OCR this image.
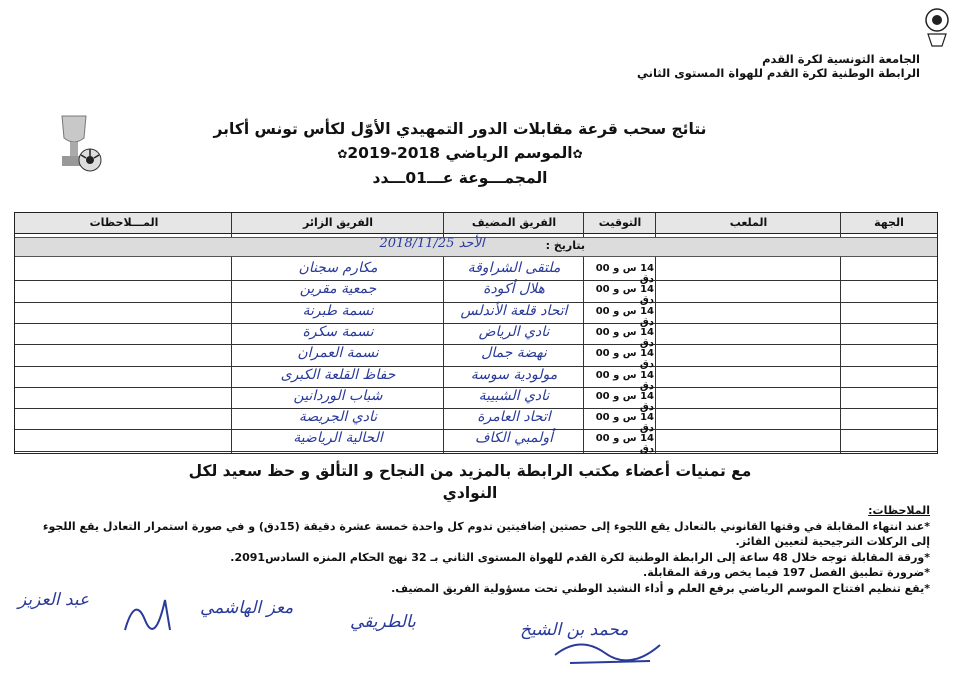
الجامعة التونسية لكرة القدم
الرابطة الوطنية لكرة القدم للهواة المستوى الثاني
نتائج سحب قرعة مقابلات الدور التمهيدي الأوّل لكأس تونس أكابر
✿الموسم الرياضي 2018-2019✿
المجمـــوعة عـــ01ـــدد
الجهة
الملعب
التوقيت
الفريق المضيف
الفريق الزائر
المـــلاحظات
بتاريخ :
الأحد 2018/11/25
14 س و 00 دق
ملتقى الشراوقة
مكارم سجنان
14 س و 00 دق
هلال أكودة
جمعية مقرين
14 س و 00 دق
اتحاد قلعة الأندلس
نسمة طبرنة
14 س و 00 دق
نادي الرياض
نسمة سكرة
14 س و 00 دق
نهضة جمال
نسمة العمران
14 س و 00 دق
مولودية سوسة
حفاظ القلعة الكبرى
14 س و 00 دق
نادي الشبيبة
شباب الوردانين
14 س و 00 دق
اتحاد العامرة
نادي الجريصة
14 س و 00 دق
أولمبي الكاف
الحالية الرياضية
مع تمنيات أعضاء مكتب الرابطة بالمزيد من النجاح و التألق و حظ سعيد لكل النوادي
الملاحظات:
*عند انتهاء المقابلة في وقتها القانوني بالتعادل يقع اللجوء إلى حصتين إضافيتين تدوم كل واحدة خمسة عشرة دقيقة (15دق) و في صورة استمرار التعادل يقع اللجوء إلى الركلات الترجيحية لتعيين الفائز.
*ورقة المقابلة توجه خلال 48 ساعة إلى الرابطة الوطنية لكرة القدم للهواة المستوى الثاني بـ 32 نهج الحكام المنزه السادس2091.
*ضرورة تطبيق الفصل 197 فيما يخص ورقة المقابلة.
*يقع تنظيم افتتاح الموسم الرياضي برفع العلم و أداء النشيد الوطني تحت مسؤولية الفريق المضيف.
عبد العزيز	معز الهاشمي
بالطريقي	محمد بن الشيخ
